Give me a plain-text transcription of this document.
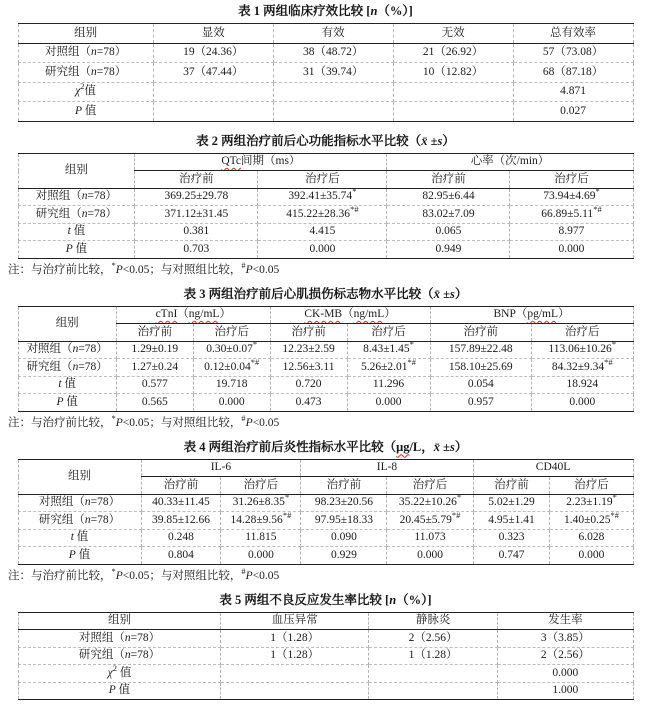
表 1 两组临床疗效比较 [n（%）]
组别	显效	有效	无效	总有效率
对照组（n=78）	19（24.36）	38（48.72）	21（26.92）	57（73.08）
研究组（n=78）	37（47.44）	31（39.74）	10（12.82）	68（87.18）
$\chi^2$值				4.871
P 值				0.027
表 2 两组治疗前后心功能指标水平比较（x̄ ±s）
组别	QTc间期（ms）		心率（次/min）	
	治疗前	治疗后	治疗前	治疗后
对照组（n=78）	369.25±29.78	392.41±35.74*	82.95±6.44	73.94±4.69*
研究组（n=78）	371.12±31.45	415.22±28.36*#	83.02±7.09	66.89±5.11*#
t 值	0.381	4.415	0.065	8.977
P 值	0.703	0.000	0.949	0.000
注：与治疗前比较，*P<0.05；与对照组比较，#P<0.05
表 3 两组治疗前后心肌损伤标志物水平比较（x̄ ±s）
组别	cTnI（ng/mL）		CK-MB（ng/mL）		BNP（pg/mL）	
	治疗前	治疗后	治疗前	治疗后	治疗前	治疗后
对照组（n=78）	1.29±0.19	0.30±0.07*	12.23±2.59	8.43±1.45*	157.89±22.48	113.06±10.26*
研究组（n=78）	1.27±0.24	0.12±0.04*#	12.56±3.11	5.26±2.01*#	158.10±25.69	84.32±9.34*#
t 值	0.577	19.718	0.720	11.296	0.054	18.924
P 值	0.565	0.000	0.473	0.000	0.957	0.000
注：与治疗前比较，*P<0.05；与对照组比较，#P<0.05
表 4 两组治疗前后炎性指标水平比较（μg/L，x̄ ±s）
组别	IL-6		IL-8		CD40L	
	治疗前	治疗后	治疗前	治疗后	治疗前	治疗后
对照组（n=78）	40.33±11.45	31.26±8.35*	98.23±20.56	35.22±10.26*	5.02±1.29	2.23±1.19*
研究组（n=78）	39.85±12.66	14.28±9.56*#	97.95±18.33	20.45±5.79*#	4.95±1.41	1.40±0.25*#
t 值	0.248	11.815	0.090	11.073	0.323	6.028
P 值	0.804	0.000	0.929	0.000	0.747	0.000
注：与治疗前比较，*P<0.05；与对照组比较，#P<0.05
表 5 两组不良反应发生率比较 [n（%）]
组别	血压异常	静脉炎	发生率
对照组（n=78）	1（1.28）	2（2.56）	3（3.85）
研究组（n=78）	1（1.28）	1（1.28）	2（2.56）
$\chi^2$ 值			0.000
P 值			1.000
